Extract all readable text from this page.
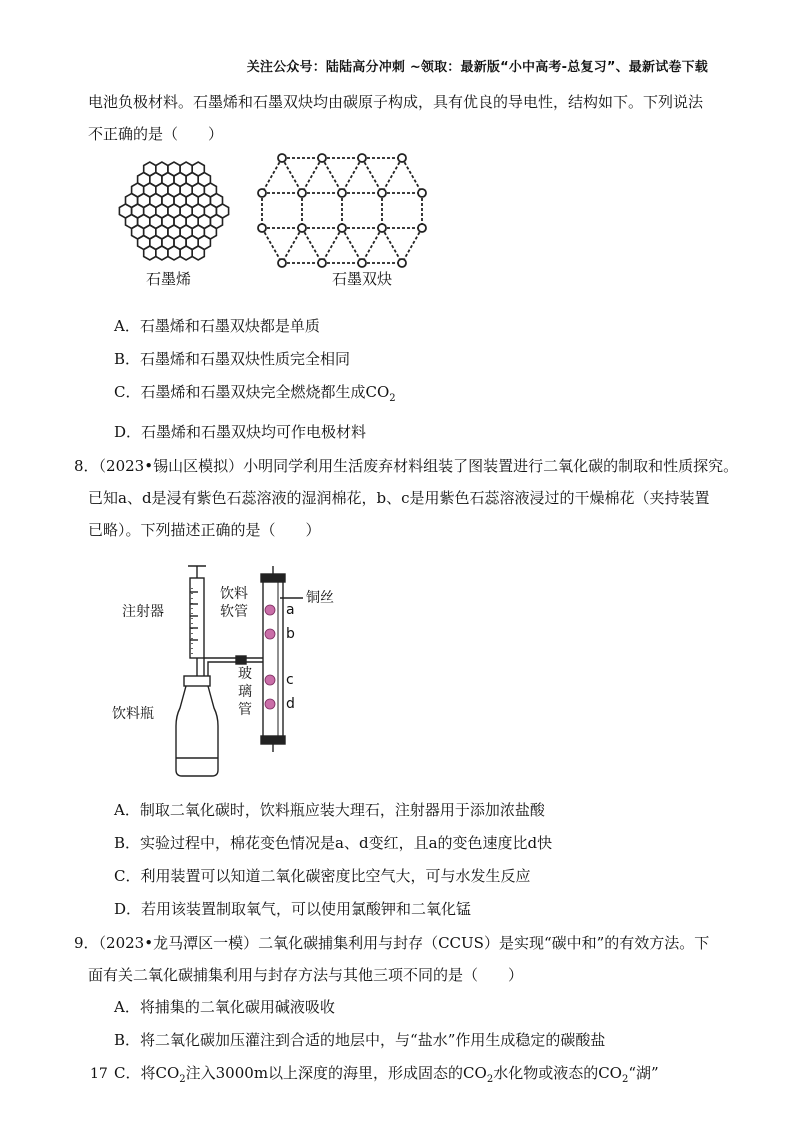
关注公众号：陆陆高分冲刺 ~领取：最新版“小中高考-总复习”、最新试卷下载

电池负极材料。石墨烯和石墨双炔均由碳原子构成，具有优良的导电性，结构如下。下列说法

不正确的是（　　）

石墨烯	石墨双炔

A．石墨烯和石墨双炔都是单质

B．石墨烯和石墨双炔性质完全相同

C．石墨烯和石墨双炔完全燃烧都生成$CO_2$

D．石墨烯和石墨双炔均可作电极材料

8．（2023•锡山区模拟）小明同学利用生活废弃材料组装了图装置进行二氧化碳的制取和性质探究。

已知a、d是浸有紫色石蕊溶液的湿润棉花，b、c是用紫色石蕊溶液浸过的干燥棉花（夹持装置

已略）。下列描述正确的是（　　）

注射器
饮料
软管
玻
璃
管
饮料瓶
铜丝
a
b
c
d

A．制取二氧化碳时，饮料瓶应装大理石，注射器用于添加浓盐酸

B．实验过程中，棉花变色情况是a、d变红，且a的变色速度比d快

C．利用装置可以知道二氧化碳密度比空气大，可与水发生反应

D．若用该装置制取氧气，可以使用氯酸钾和二氧化锰

9．（2023•龙马潭区一模）二氧化碳捕集利用与封存（CCUS）是实现“碳中和”的有效方法。下

面有关二氧化碳捕集利用与封存方法与其他三项不同的是（　　）

A．将捕集的二氧化碳用碱液吸收

B．将二氧化碳加压灌注到合适的地层中，与“盐水”作用生成稳定的碳酸盐

C．将$CO_2$注入3000m以上深度的海里，形成固态的$CO_2$水化物或液态的$CO_2“$湖”

17
